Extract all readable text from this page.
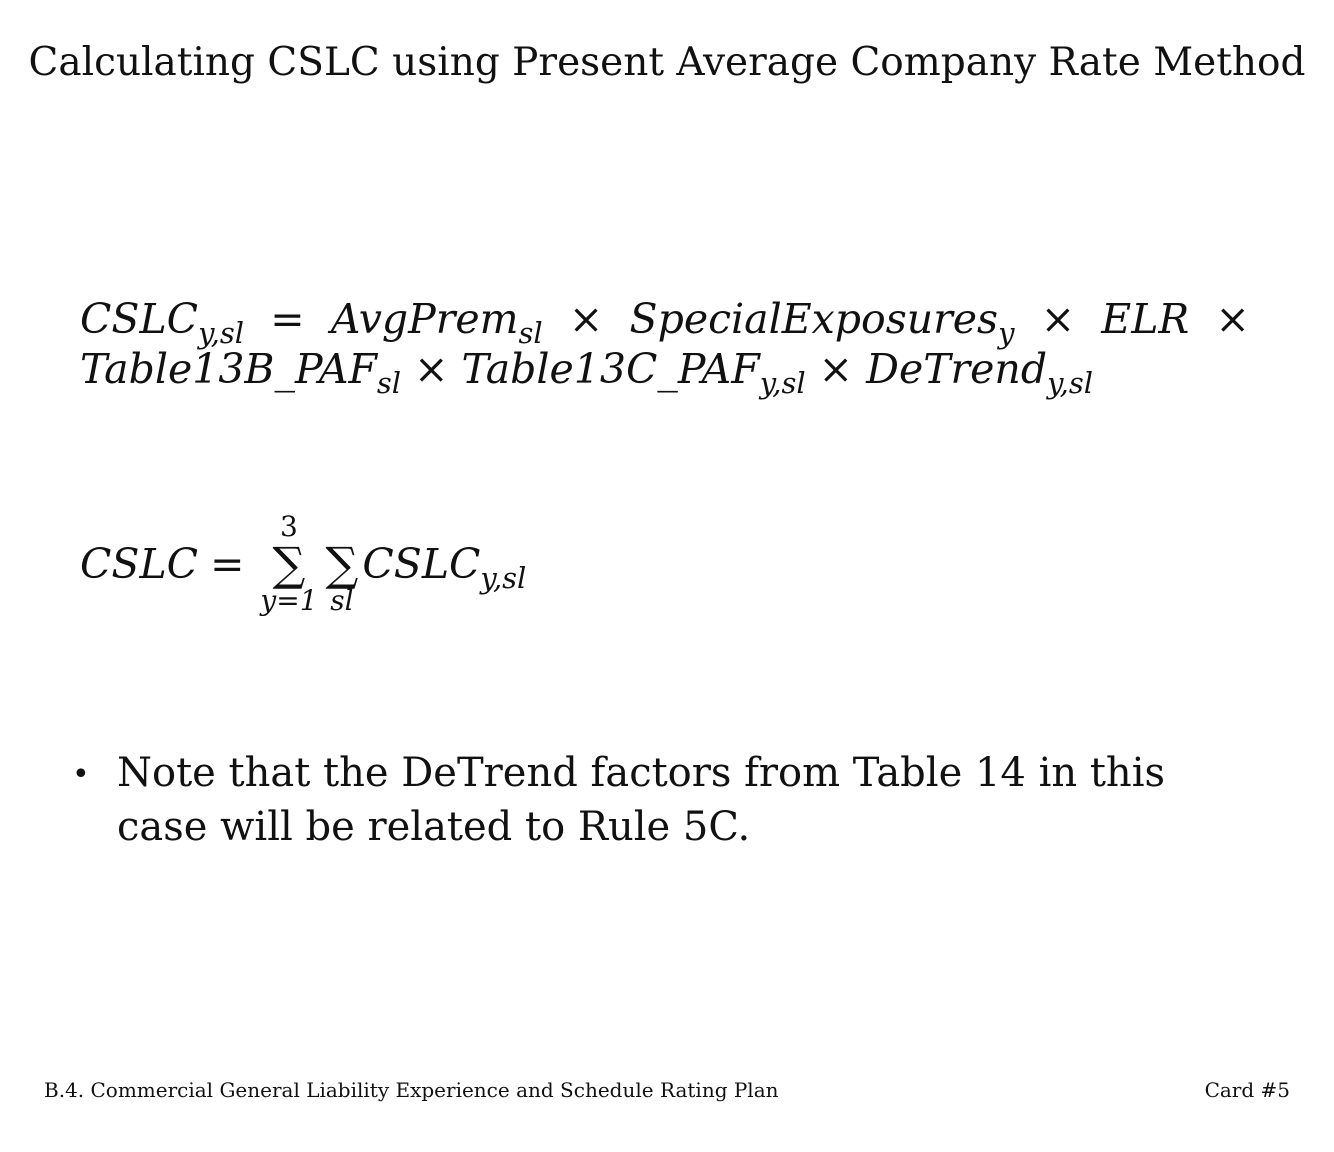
Calculating CSLC using Present Average Company Rate Method
$CSLC_{y,sl}$ = AvgPrem$_{sl}$ × SpecialExposures$_y$ × ELR ×
$Table13B\_PAF_{sl}$ × $Table13C\_PAF_{y,sl}$ × DeTrend$_{y,sl}$
CSLC =
3
∑
y=1
∑
sl
$CSLC_{y,sl}$
• Note that the DeTrend factors from Table 14 in this case will be related to Rule 5C.
B.4. Commercial General Liability Experience and Schedule Rating Plan	Card #5
